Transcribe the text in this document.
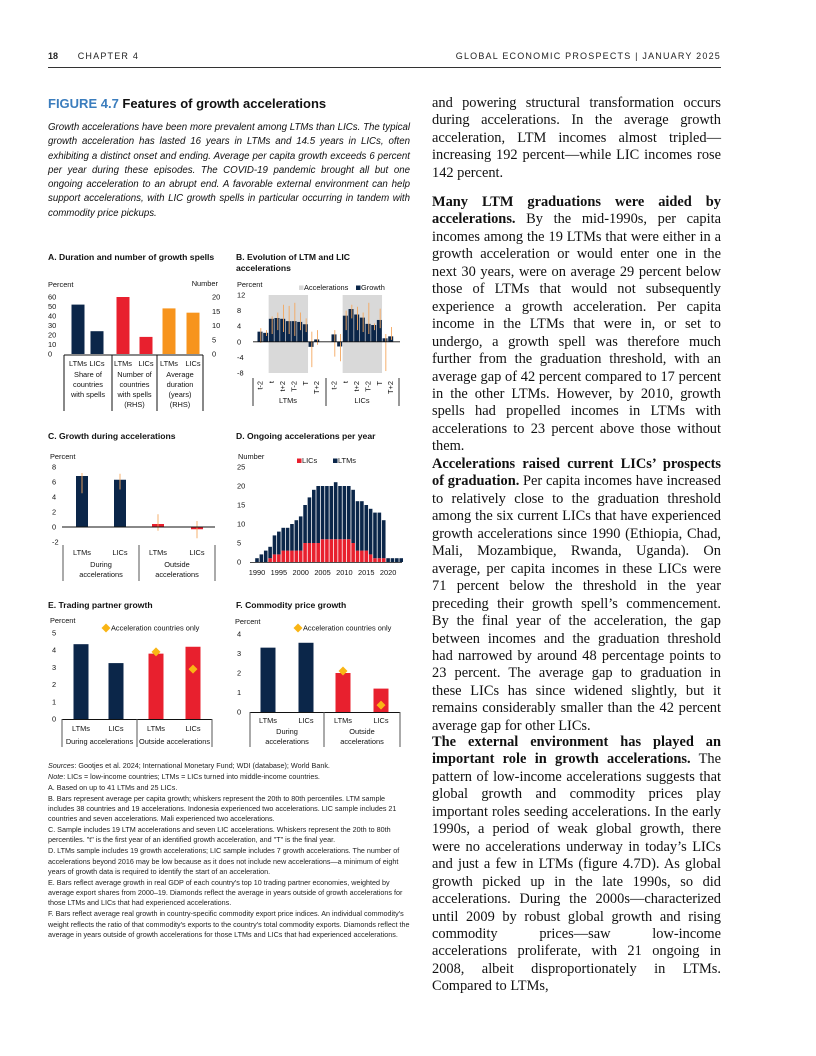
18 CHAPTER 4	GLOBAL ECONOMIC PROSPECTS | JANUARY 2025
FIGURE 4.7 Features of growth accelerations
Growth accelerations have been more prevalent among LTMs than LICs. The typical growth acceleration has lasted 16 years in LTMs and 14.5 years in LICs, often exhibiting a distinct onset and ending. Average per capita growth exceeds 6 percent per year during these episodes. The COVID-19 pandemic brought all but one ongoing acceleration to an abrupt end. A favorable external environment can help support accelerations, with LIC growth spells in particular occurring in tandem with commodity price pickups.
A. Duration and number of growth spells	B. Evolution of LTM and LIC accelerations
C. Growth during accelerations	D. Ongoing accelerations per year
E. Trading partner growth	F. Commodity price growth
Percent	Number
0
10
20
30
40
50
60
0
5
10
15
20
Share of
countries
with spells
Number of
countries
with spells
(RHS)
Average
duration
(years)
(RHS)
LTMs LICs LTMs LICs LTMs LICs
Percent
-8
-4
0
4
8
12
Accelerations Growth
t-2 t t+2 T-2 T T+2
LTMs
t-2 t t+2 T-2 T T+2
LICs
Percent
-2
0
2
4
6
8
During
accelerations
Outside
accelerations
LTMs	LICs	LTMs	LICs
Number
0
5
10
15
20
25
LICs	LTMs
1990 1995 2000 2005 2010 2015 2020
Percent
0
1
2
3
4
5
Acceleration countries only
During accelerations Outside accelerations
LTMs LICs	LTMs	LICs
Percent
0
1
2
3
4
Acceleration countries only
During
accelerations
Outside
accelerations
LTMs	LICs	LTMs	LICs

Sources: Gootjes et al. 2024; International Monetary Fund; WDI (database); World Bank.

Note: LICs = low-income countries; LTMs = LICs turned into middle-income countries.

A. Based on up to 41 LTMs and 25 LICs.

B. Bars represent average per capita growth; whiskers represent the 20th to 80th percentiles. LTM sample includes 38 countries and 19 accelerations. Indonesia experienced two accelerations. LIC sample includes 21 countries and seven accelerations. Mali experienced two accelerations.

C. Sample includes 19 LTM accelerations and seven LIC accelerations. Whiskers represent the 20th to 80th percentiles. "t" is the first year of an identified growth acceleration, and "T" is the final year.

D. LTMs sample includes 19 growth accelerations; LIC sample includes 7 growth accelerations. The number of accelerations beyond 2016 may be low because as it does not include new accelerations—a minimum of eight years of growth data is required to identify the start of an acceleration.

E. Bars reflect average growth in real GDP of each country's top 10 trading partner economies, weighted by average export shares from 2000–19. Diamonds reflect the average in years outside of growth accelerations for those LTMs and LICs that had experienced accelerations.

F. Bars reflect average real growth in country-specific commodity export price indices. An individual commodity's weight reflects the ratio of that commodity's exports to the country's total commodity exports. Diamonds reflect the average in years outside of growth accelerations for those LTMs and LICs that had experienced accelerations.

and powering structural transformation occurs during accelerations. In the average growth acceleration, LTM incomes almost tripled—increasing 192 percent—while LIC incomes rose 142 percent.

Many LTM graduations were aided by accelerations. By the mid-1990s, per capita incomes among the 19 LTMs that were either in a growth acceleration or would enter one in the next 30 years, were on average 29 percent below those of LTMs that would not subsequently experience a growth acceleration. Per capita income in the LTMs that were in, or set to undergo, a growth spell was therefore much further from the graduation threshold, with an average gap of 42 percent compared to 17 percent in the other LTMs. However, by 2010, growth spells had propelled incomes in LTMs with accelerations to 23 percent above those without them.

Accelerations raised current LICs’ prospects of graduation. Per capita incomes have increased to relatively close to the graduation threshold among the six current LICs that have experienced growth accelerations since 1990 (Ethiopia, Chad, Mali, Mozambique, Rwanda, Uganda). On average, per capita incomes in these LICs were 71 percent below the threshold in the year preceding their growth spell’s commencement. By the final year of the acceleration, the gap between incomes and the graduation threshold had narrowed by around 48 percentage points to 23 percent. The average gap to graduation in these LICs has since widened slightly, but it remains considerably smaller than the 42 percent average gap for other LICs.

The external environment has played an important role in growth accelerations. The pattern of low-income accelerations suggests that global growth and commodity prices play important roles seeding accelerations. In the early 1990s, a period of weak global growth, there were no accelerations underway in today’s LICs and just a few in LTMs (figure 4.7D). As global growth picked up in the late 1990s, so did accelerations. During the 2000s—characterized until 2009 by robust global growth and rising commodity prices—saw low-income accelerations proliferate, with 21 ongoing in 2008, albeit disproportionately in LTMs. Compared to LTMs,
